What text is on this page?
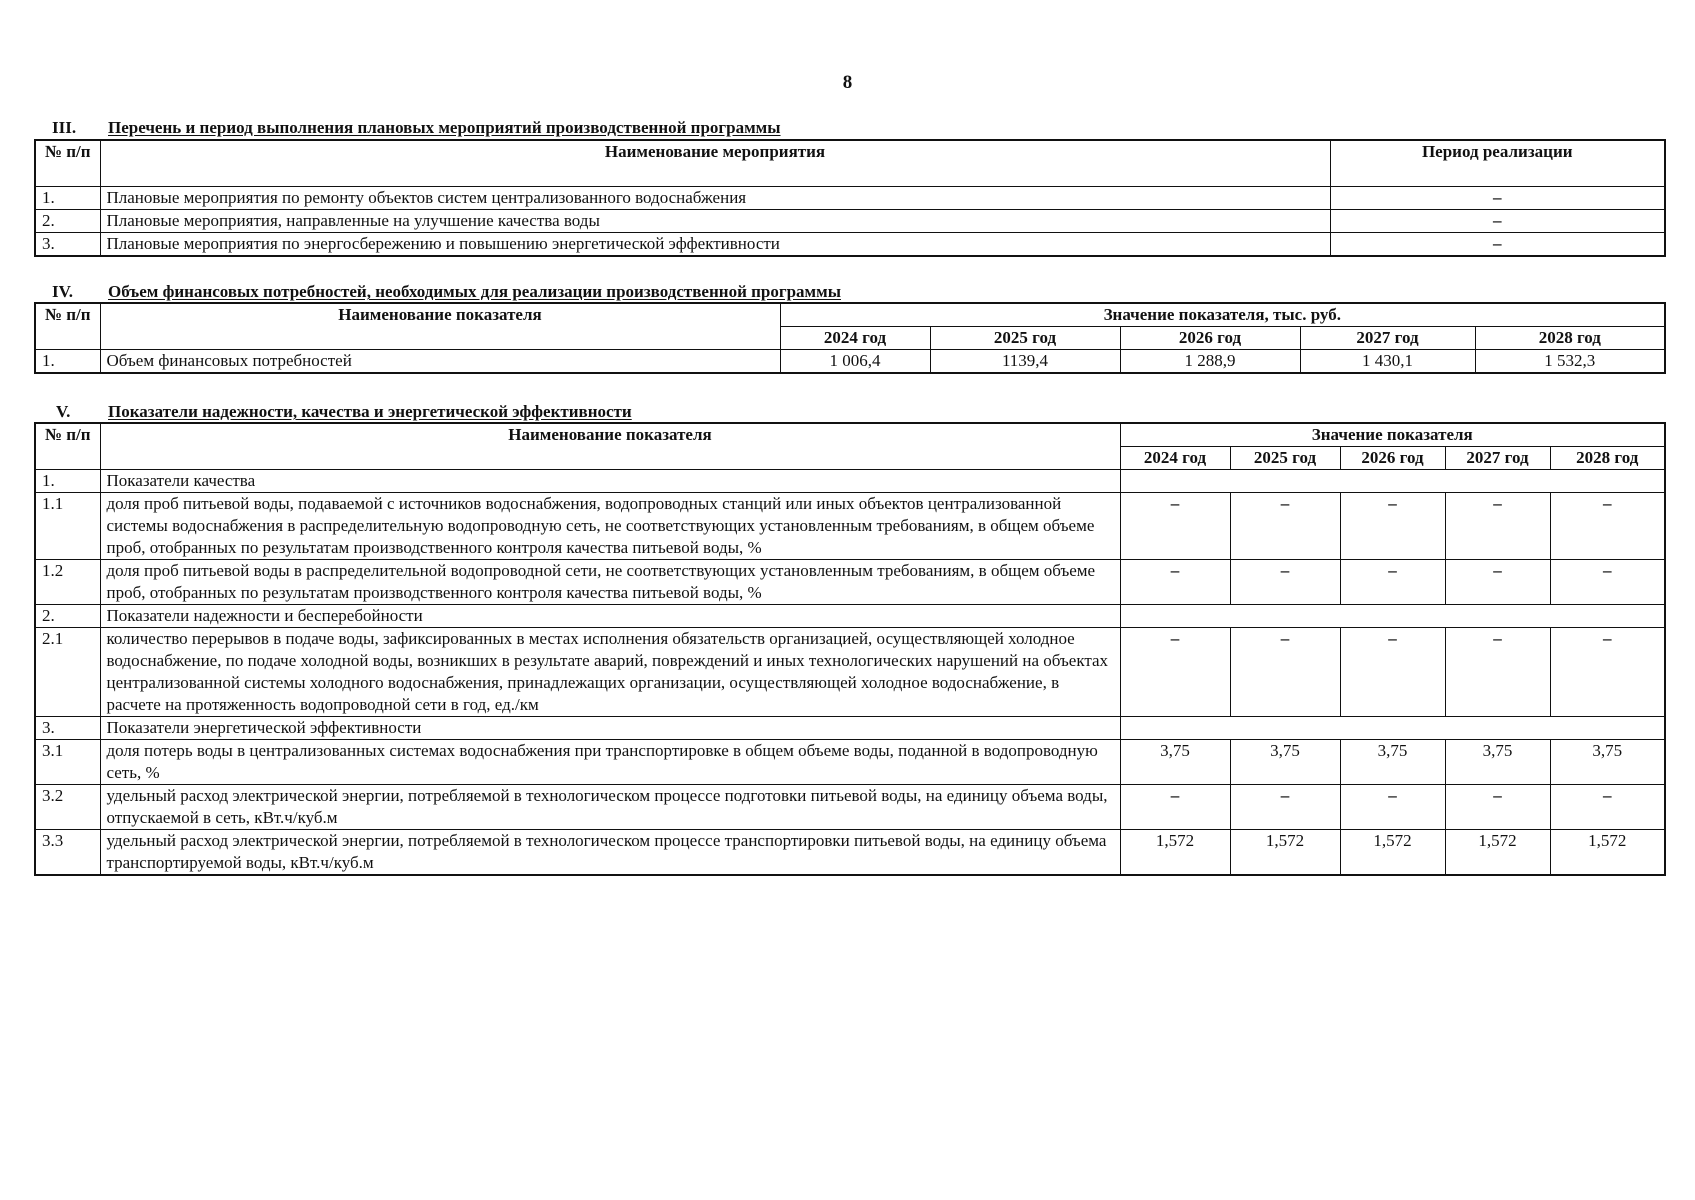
8
III. Перечень и период выполнения плановых мероприятий производственной программы
№ п/п	Наименование мероприятия	Период реализации
1.	Плановые мероприятия по ремонту объектов систем централизованного водоснабжения	–
2.	Плановые мероприятия, направленные на улучшение качества воды	–
3.	Плановые мероприятия по энергосбережению и повышению энергетической эффективности	–
IV. Объем финансовых потребностей, необходимых для реализации производственной программы
№ п/п	Наименование показателя	Значение показателя, тыс. руб.				
		2024 год	2025 год	2026 год	2027 год	2028 год
1.	Объем финансовых потребностей	1 006,4	1139,4	1 288,9	1 430,1	1 532,3
V. Показатели надежности, качества и энергетической эффективности
№ п/п	Наименование показателя	Значение показателя				
		2024 год	2025 год	2026 год	2027 год	2028 год
1.	Показатели качества					
1.1	доля проб питьевой воды, подаваемой с источников водоснабжения, водопроводных станций или иных объектов централизованной системы водоснабжения в распределительную водопроводную сеть, не соответствующих установленным требованиям, в общем объеме проб, отобранных по результатам производственного контроля качества питьевой воды, %	–	–	–	–	–
1.2	доля проб питьевой воды в распределительной водопроводной сети, не соответствующих установленным требованиям, в общем объеме проб, отобранных по результатам производственного контроля качества питьевой воды, %	–	–	–	–	–
2.	Показатели надежности и бесперебойности					
2.1	количество перерывов в подаче воды, зафиксированных в местах исполнения обязательств организацией, осуществляющей холодное водоснабжение, по подаче холодной воды, возникших в результате аварий, повреждений и иных технологических нарушений на объектах централизованной системы холодного водоснабжения, принадлежащих организации, осуществляющей холодное водоснабжение, в расчете на протяженность водопроводной сети в год, ед./км	–	–	–	–	–
3.	Показатели энергетической эффективности					
3.1	доля потерь воды в централизованных системах водоснабжения при транспортировке в общем объеме воды, поданной в водопроводную сеть, %	3,75	3,75	3,75	3,75	3,75
3.2	удельный расход электрической энергии, потребляемой в технологическом процессе подготовки питьевой воды, на единицу объема воды, отпускаемой в сеть, кВт.ч/куб.м	–	–	–	–	–
3.3	удельный расход электрической энергии, потребляемой в технологическом процессе транспортировки питьевой воды, на единицу объема транспортируемой воды, кВт.ч/куб.м	1,572	1,572	1,572	1,572	1,572
